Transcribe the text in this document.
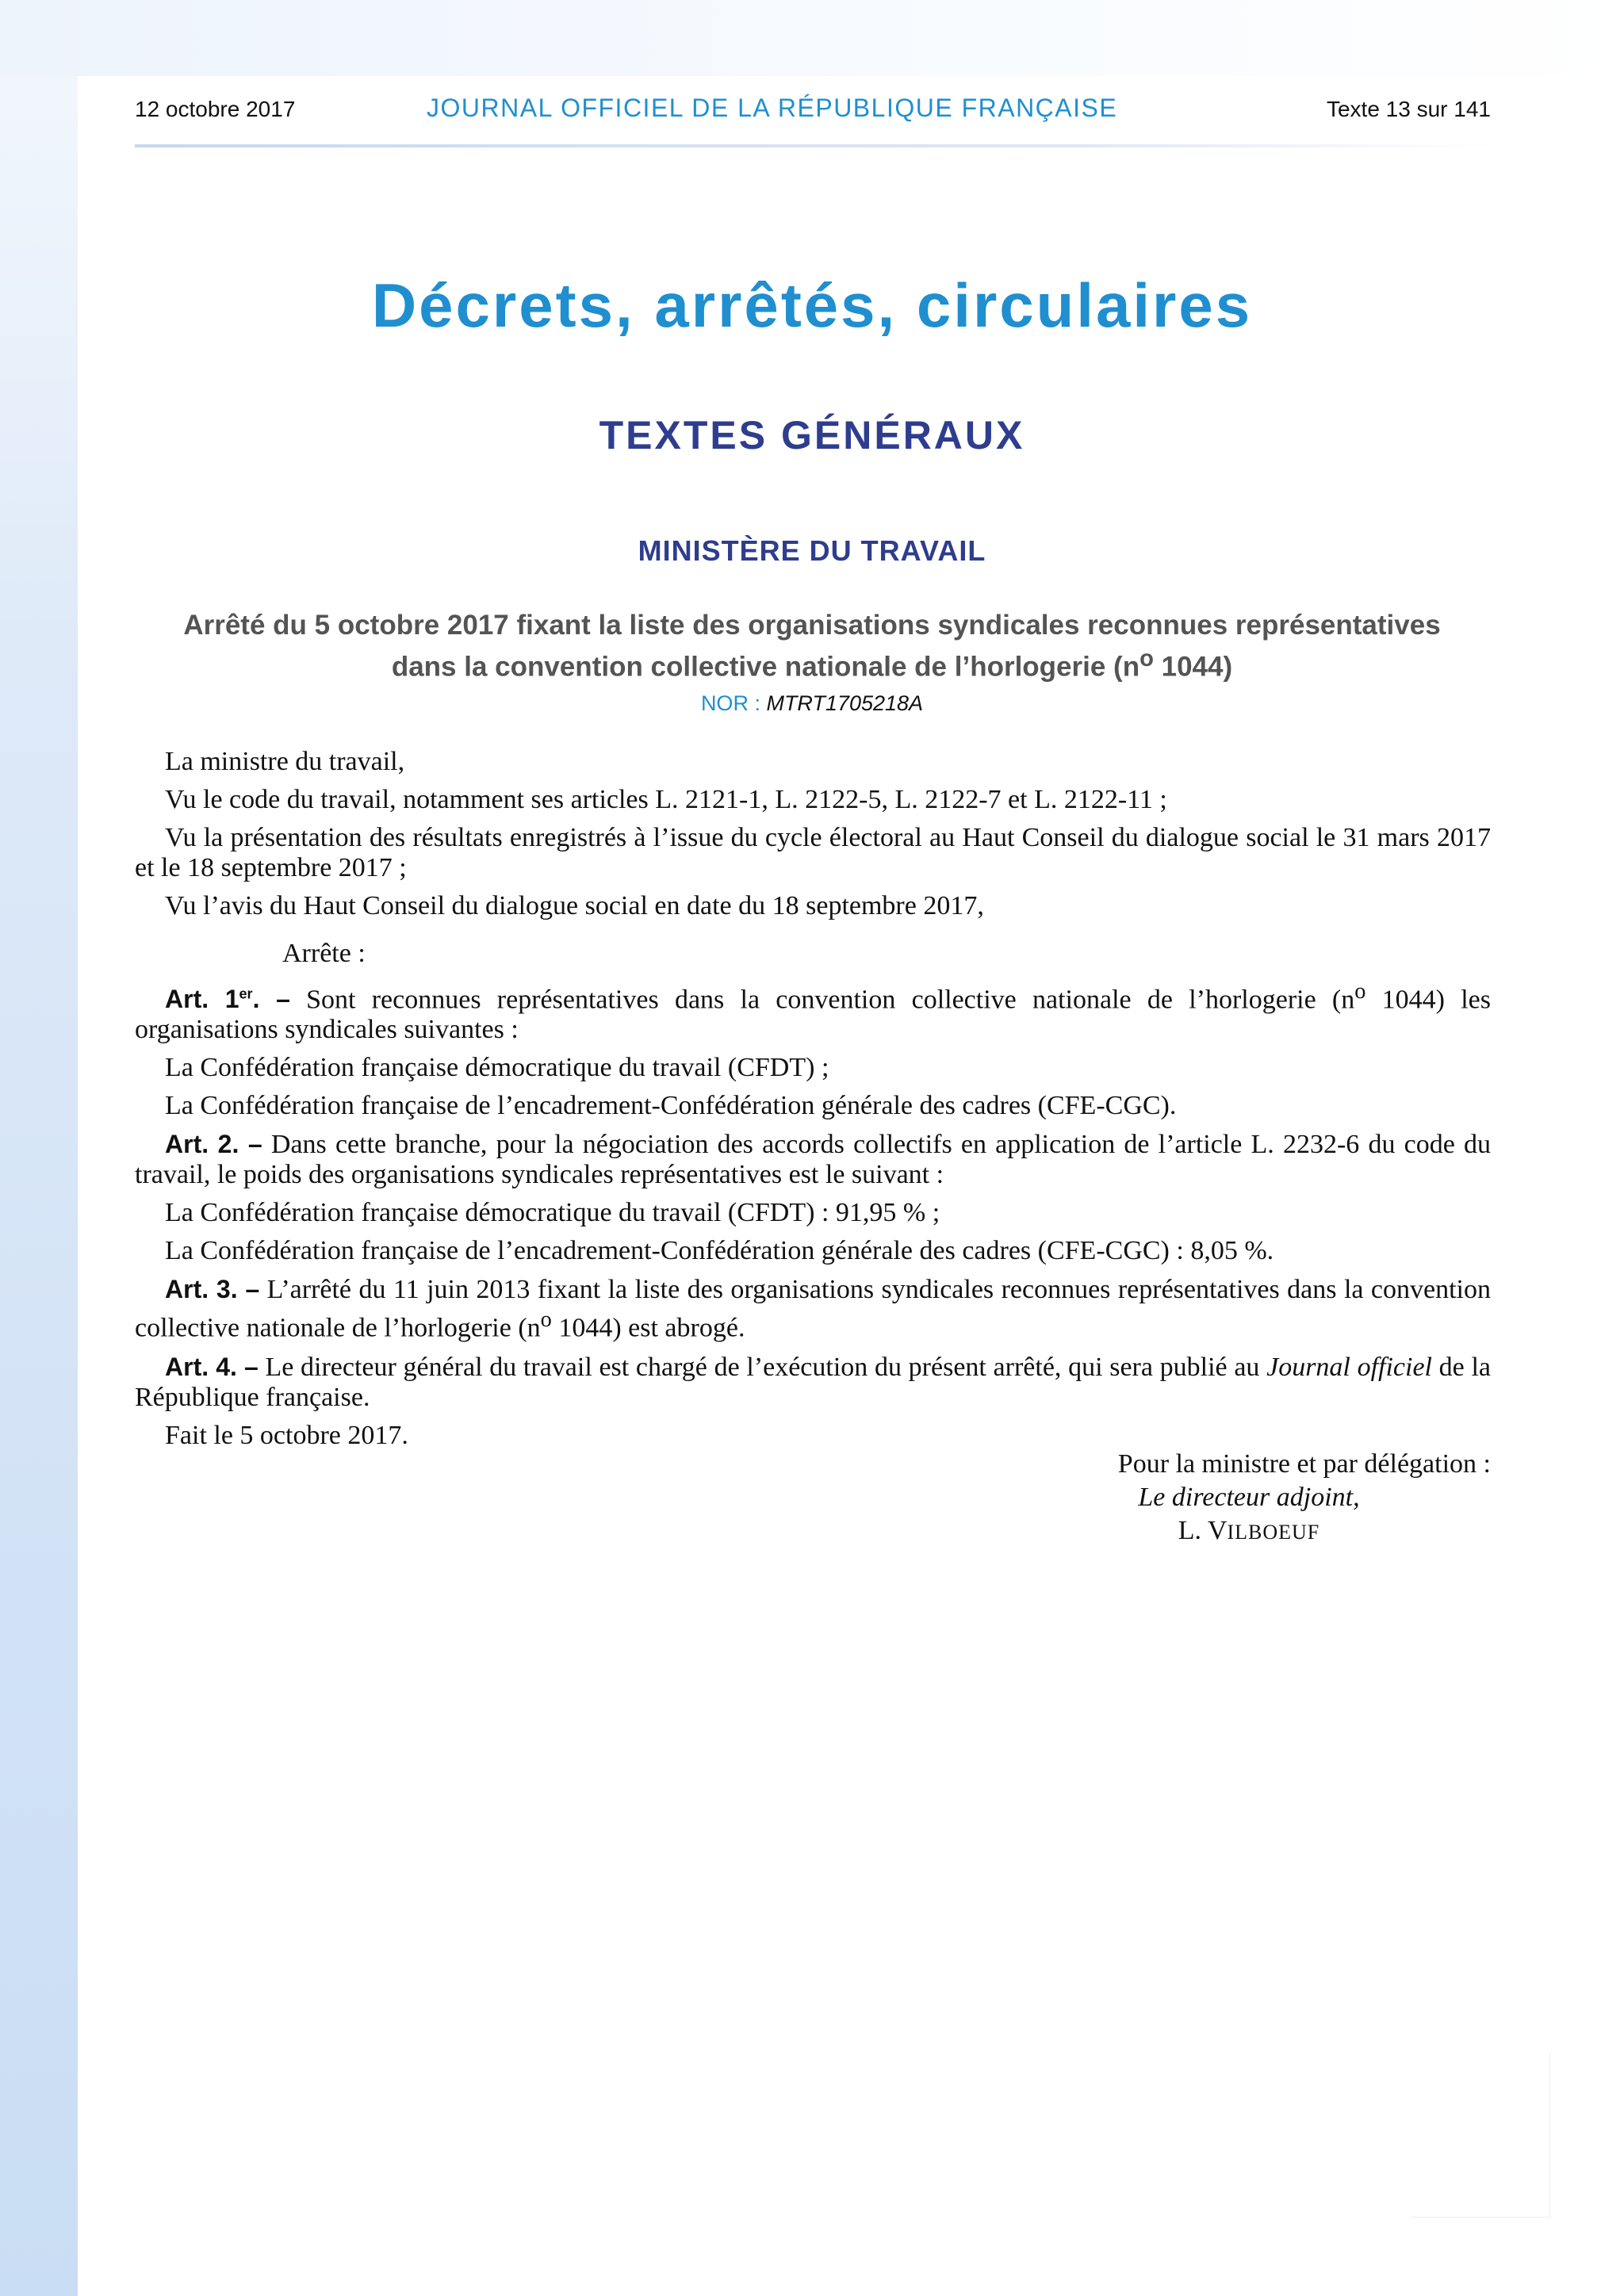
12 octobre 2017	JOURNAL OFFICIEL DE LA RÉPUBLIQUE FRANÇAISE	Texte 13 sur 141
Décrets, arrêtés, circulaires
TEXTES GÉNÉRAUX
MINISTÈRE DU TRAVAIL
Arrêté du 5 octobre 2017 fixant la liste des organisations syndicales reconnues représentatives dans la convention collective nationale de l’horlogerie ($n^o$ 1044)
NOR : MTRT1705218A

La ministre du travail,

Vu le code du travail, notamment ses articles L. 2121-1, L. 2122-5, L. 2122-7 et L. 2122-11 ;

Vu la présentation des résultats enregistrés à l’issue du cycle électoral au Haut Conseil du dialogue social le 31 mars 2017 et le 18 septembre 2017 ;

Vu l’avis du Haut Conseil du dialogue social en date du 18 septembre 2017,

Arrête :

Art. 1er. – Sont reconnues représentatives dans la convention collective nationale de l’horlogerie ($n^o$ 1044) les organisations syndicales suivantes :

La Confédération française démocratique du travail (CFDT) ;

La Confédération française de l’encadrement-Confédération générale des cadres (CFE-CGC).

Art. 2. – Dans cette branche, pour la négociation des accords collectifs en application de l’article L. 2232-6 du code du travail, le poids des organisations syndicales représentatives est le suivant :

La Confédération française démocratique du travail (CFDT) : 91,95 % ;

La Confédération française de l’encadrement-Confédération générale des cadres (CFE-CGC) : 8,05 %.

Art. 3. – L’arrêté du 11 juin 2013 fixant la liste des organisations syndicales reconnues représentatives dans la convention collective nationale de l’horlogerie ($n^o$ 1044) est abrogé.

Art. 4. – Le directeur général du travail est chargé de l’exécution du présent arrêté, qui sera publié au Journal officiel de la République française.

Fait le 5 octobre 2017.

Pour la ministre et par délégation :
Le directeur adjoint,
L. VILBOEUF
